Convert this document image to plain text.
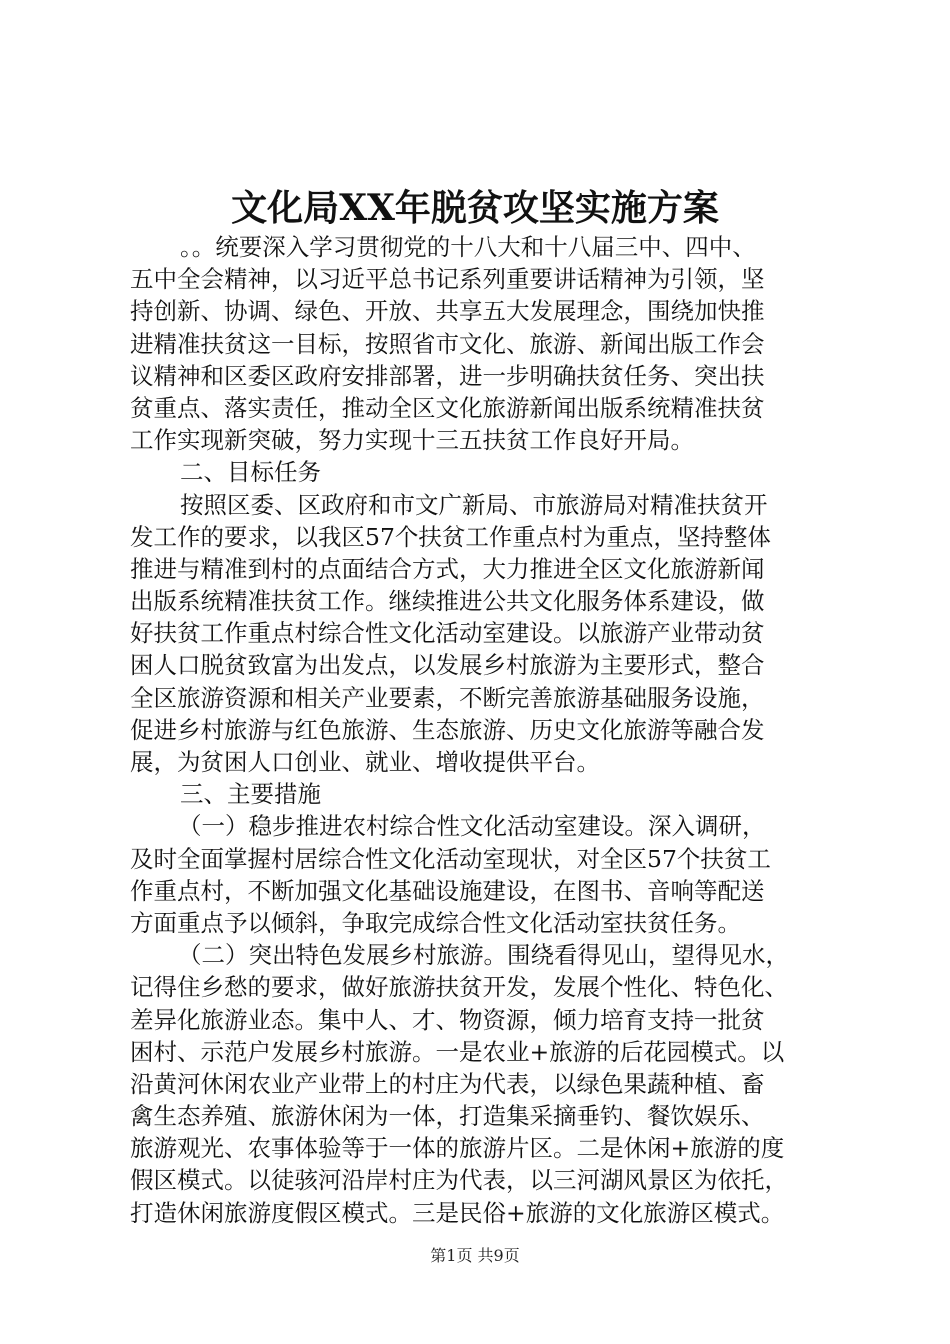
文化局XX年脱贫攻坚实施方案
。。统要深入学习贯彻党的十八大和十八届三中、四中、
五中全会精神，以习近平总书记系列重要讲话精神为引领，坚
持创新、协调、绿色、开放、共享五大发展理念，围绕加快推
进精准扶贫这一目标，按照省市文化、旅游、新闻出版工作会
议精神和区委区政府安排部署，进一步明确扶贫任务、突出扶
贫重点、落实责任，推动全区文化旅游新闻出版系统精准扶贫
工作实现新突破，努力实现十三五扶贫工作良好开局。
二、目标任务
按照区委、区政府和市文广新局、市旅游局对精准扶贫开
发工作的要求，以我区57个扶贫工作重点村为重点，坚持整体
推进与精准到村的点面结合方式，大力推进全区文化旅游新闻
出版系统精准扶贫工作。继续推进公共文化服务体系建设，做
好扶贫工作重点村综合性文化活动室建设。以旅游产业带动贫
困人口脱贫致富为出发点，以发展乡村旅游为主要形式，整合
全区旅游资源和相关产业要素，不断完善旅游基础服务设施，
促进乡村旅游与红色旅游、生态旅游、历史文化旅游等融合发
展，为贫困人口创业、就业、增收提供平台。
三、主要措施
（一）稳步推进农村综合性文化活动室建设。深入调研，
及时全面掌握村居综合性文化活动室现状，对全区57个扶贫工
作重点村，不断加强文化基础设施建设，在图书、音响等配送
方面重点予以倾斜，争取完成综合性文化活动室扶贫任务。
（二）突出特色发展乡村旅游。围绕看得见山，望得见水，
记得住乡愁的要求，做好旅游扶贫开发，发展个性化、特色化、
差异化旅游业态。集中人、才、物资源，倾力培育支持一批贫
困村、示范户发展乡村旅游。一是农业+旅游的后花园模式。以
沿黄河休闲农业产业带上的村庄为代表，以绿色果蔬种植、畜
禽生态养殖、旅游休闲为一体，打造集采摘垂钓、餐饮娱乐、
旅游观光、农事体验等于一体的旅游片区。二是休闲+旅游的度
假区模式。以徒骇河沿岸村庄为代表，以三河湖风景区为依托，
打造休闲旅游度假区模式。三是民俗+旅游的文化旅游区模式。
第1页 共9页
